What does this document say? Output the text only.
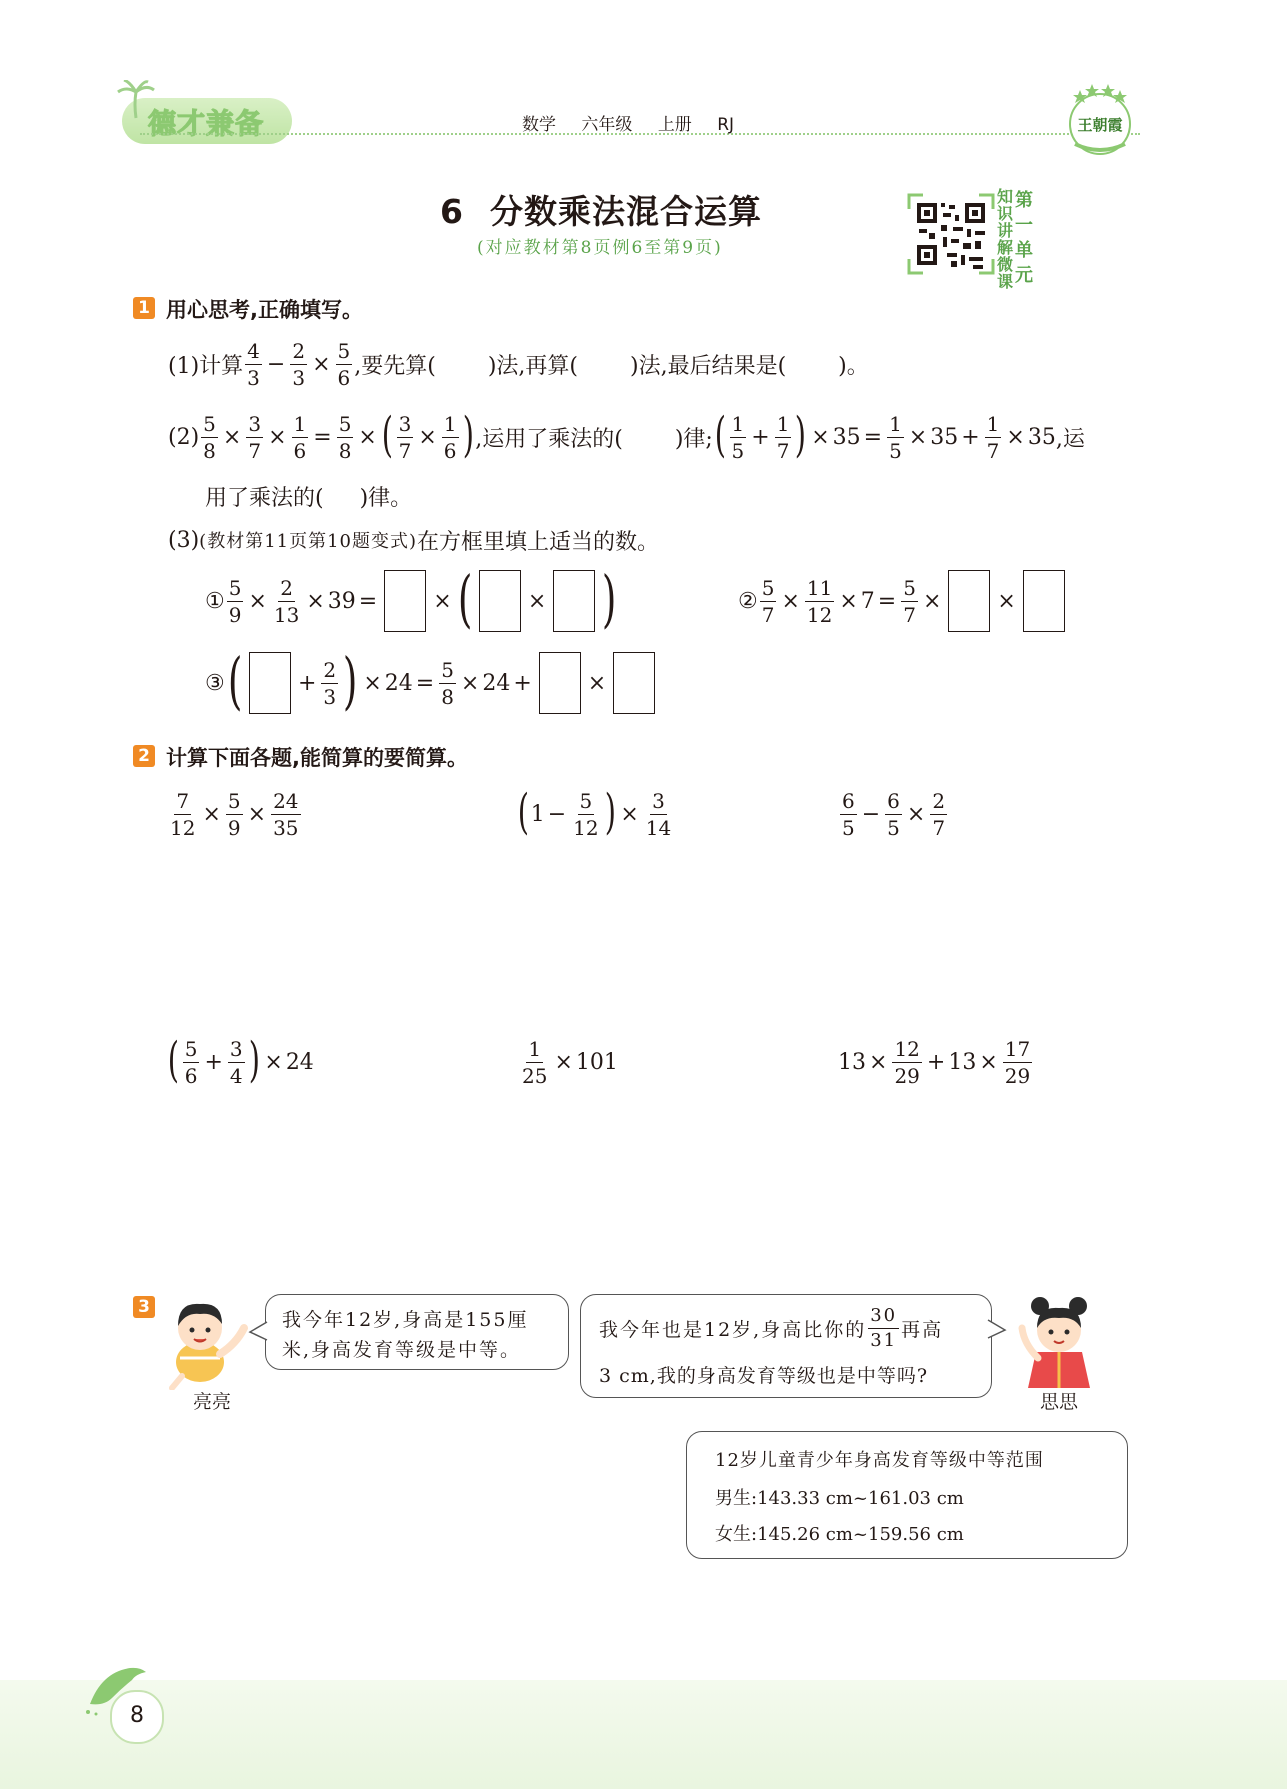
德才兼备	数学 六年级 上册 RJ	王朝霞
6 分数乘法混合运算
(对应教材第8页例6至第9页)
知
识
讲
解
微
课
第
一
单
元
1 用心思考,正确填写。
(1)计算 $\frac{4}{3} - \frac{2}{3} \times \frac{5}{6}$ ,要先算( )法,再算( )法,最后结果是( )。
$(2) \frac{5}{8} \times \frac{3}{7} \times \frac{1}{6} = \frac{5}{8}$ × ( $\frac{3}{7} \times \frac{1}{6}$ ) ,运用了乘法的( )律; ( $\frac{1}{5} + \frac{1}{7}$ ) × $35 = \frac{1}{5} \times 35 + \frac{1}{7} \times 35$ ,运
用了乘法的( )律。
(3) (教材第11页第10题变式) 在方框里填上适当的数。
① $\frac{5}{9} \times \frac{2}{13} \times 39$ =	× (	× )	② $\frac{5}{7} \times \frac{11}{12} \times 7 = \frac{5}{7}$ ×	×
③ (	+ $\frac{2}{3}$ ) × $24 = \frac{5}{8} \times 24$ +	×
2 计算下面各题,能简算的要简算。
$\frac{7}{12} \times \frac{5}{9} \times \frac{24}{35}$	( $1 - \frac{5}{12}$ ) × $\frac{3}{14}$	$\frac{6}{5} - \frac{6}{5} \times \frac{2}{7}$
( $\frac{5}{6} + \frac{3}{4}$ ) × 24	$\frac{1}{25} \times 101$	$13 \times \frac{12}{29} + 13 \times \frac{17}{29}$
3
亮亮
我今年12岁,身高是155厘
米,身高发育等级是中等。
我今年也是12岁,身高比你的 $\frac{30}{31}$ 再高
3 cm,我的身高发育等级也是中等吗?
思思
12岁儿童青少年身高发育等级中等范围
男生:143.33 cm~161.03 cm
女生:145.26 cm~159.56 cm
8
